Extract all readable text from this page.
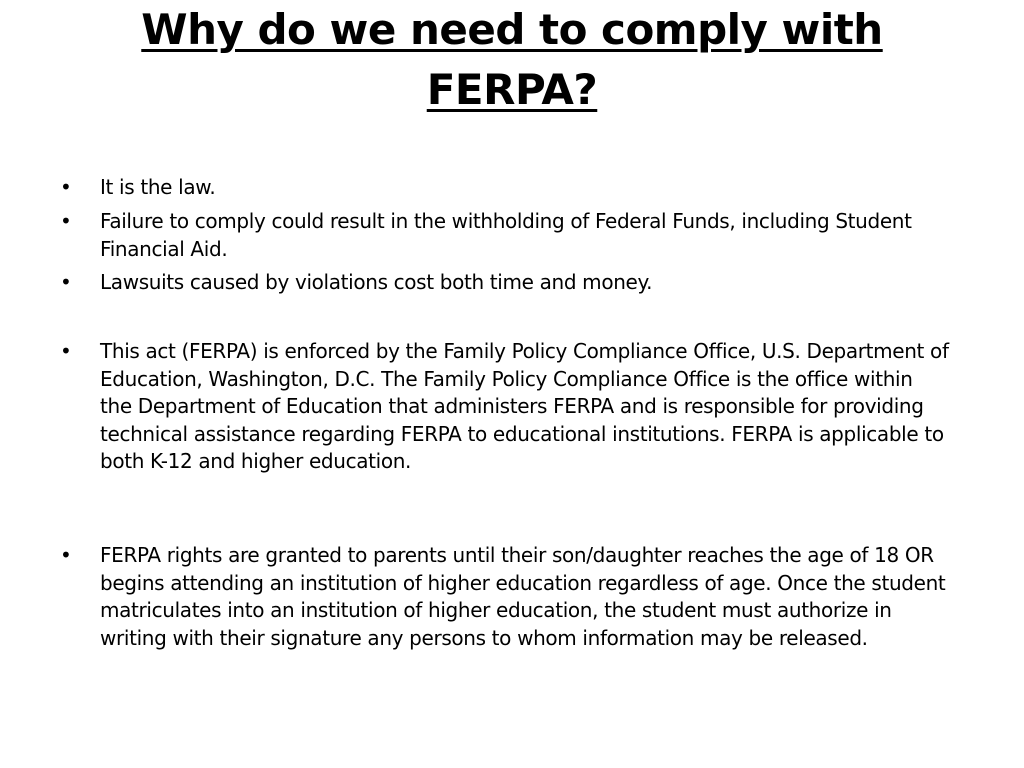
Why do we need to comply with FERPA?
• It is the law.
• Failure to comply could result in the withholding of Federal Funds, including Student Financial Aid.
• Lawsuits caused by violations cost both time and money.
• This act (FERPA) is enforced by the Family Policy Compliance Office, U.S. Department of Education, Washington, D.C. The Family Policy Compliance Office is the office within the Department of Education that administers FERPA and is responsible for providing technical assistance regarding FERPA to educational institutions. FERPA is applicable to both K-12 and higher education.
• FERPA rights are granted to parents until their son/daughter reaches the age of 18 OR begins attending an institution of higher education regardless of age. Once the student matriculates into an institution of higher education, the student must authorize in writing with their signature any persons to whom information may be released.
